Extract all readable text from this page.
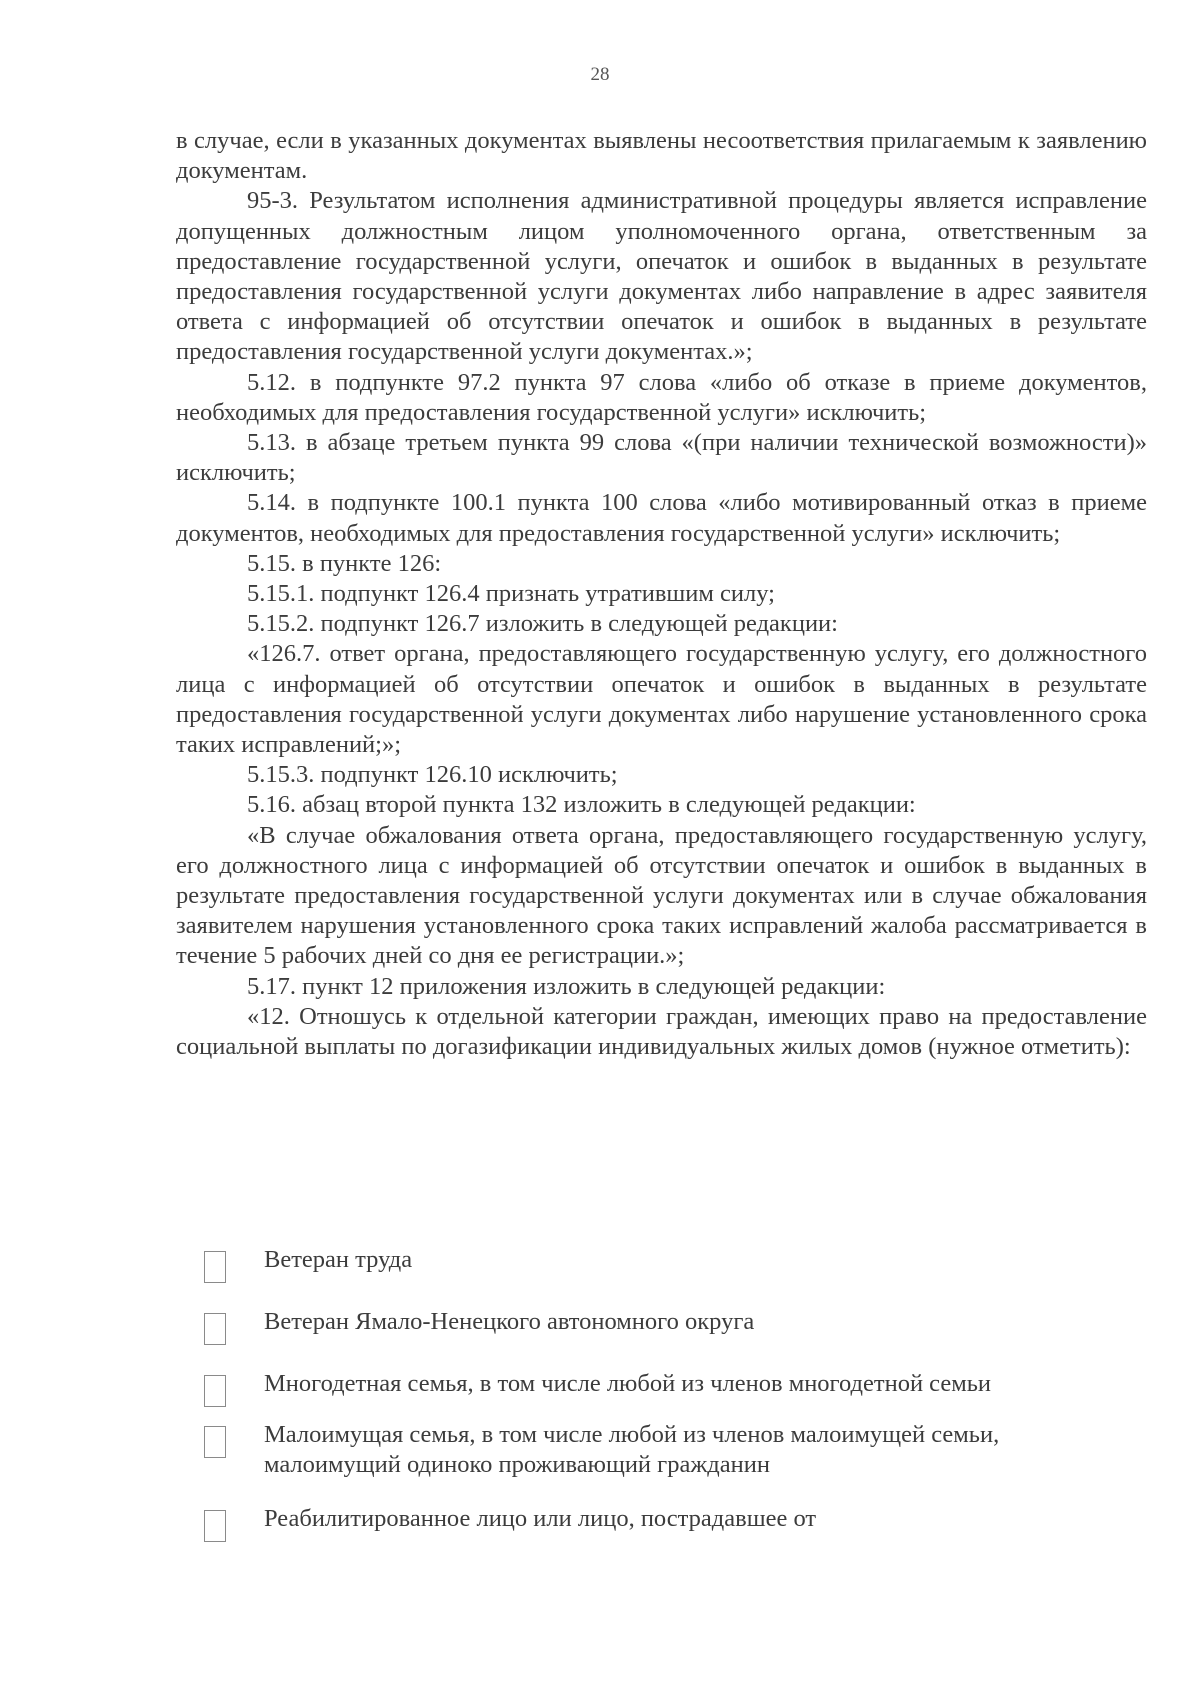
28

в случае, если в указанных документах выявлены несоответствия прилагаемым к заявлению документам.

95-3. Результатом исполнения административной процедуры является исправление допущенных должностным лицом уполномоченного органа, ответственным за предоставление государственной услуги, опечаток и ошибок в выданных в результате предоставления государственной услуги документах либо направление в адрес заявителя ответа с информацией об отсутствии опечаток и ошибок в выданных в результате предоставления государственной услуги документах.»;

5.12. в подпункте 97.2 пункта 97 слова «либо об отказе в приеме документов, необходимых для предоставления государственной услуги» исключить;

5.13. в абзаце третьем пункта 99 слова «(при наличии технической возможности)» исключить;

5.14. в подпункте 100.1 пункта 100 слова «либо мотивированный отказ в приеме документов, необходимых для предоставления государственной услуги» исключить;

5.15. в пункте 126:

5.15.1. подпункт 126.4 признать утратившим силу;

5.15.2. подпункт 126.7 изложить в следующей редакции:

«126.7. ответ органа, предоставляющего государственную услугу, его должностного лица с информацией об отсутствии опечаток и ошибок в выданных в результате предоставления государственной услуги документах либо нарушение установленного срока таких исправлений;»;

5.15.3. подпункт 126.10 исключить;

5.16. абзац второй пункта 132 изложить в следующей редакции:

«В случае обжалования ответа органа, предоставляющего государственную услугу, его должностного лица с информацией об отсутствии опечаток и ошибок в выданных в результате предоставления государственной услуги документах или в случае обжалования заявителем нарушения установленного срока таких исправлений жалоба рассматривается в течение 5 рабочих дней со дня ее регистрации.»;

5.17. пункт 12 приложения изложить в следующей редакции:

«12. Отношусь к отдельной категории граждан, имеющих право на предоставление социальной выплаты по догазификации индивидуальных жилых домов (нужное отметить):

Ветеран труда
Ветеран Ямало-Ненецкого автономного округа
Многодетная семья, в том числе любой из членов многодетной семьи
Малоимущая семья, в том числе любой из членов малоимущей семьи, малоимущий одиноко проживающий гражданин
Реабилитированное лицо или лицо, пострадавшее от
